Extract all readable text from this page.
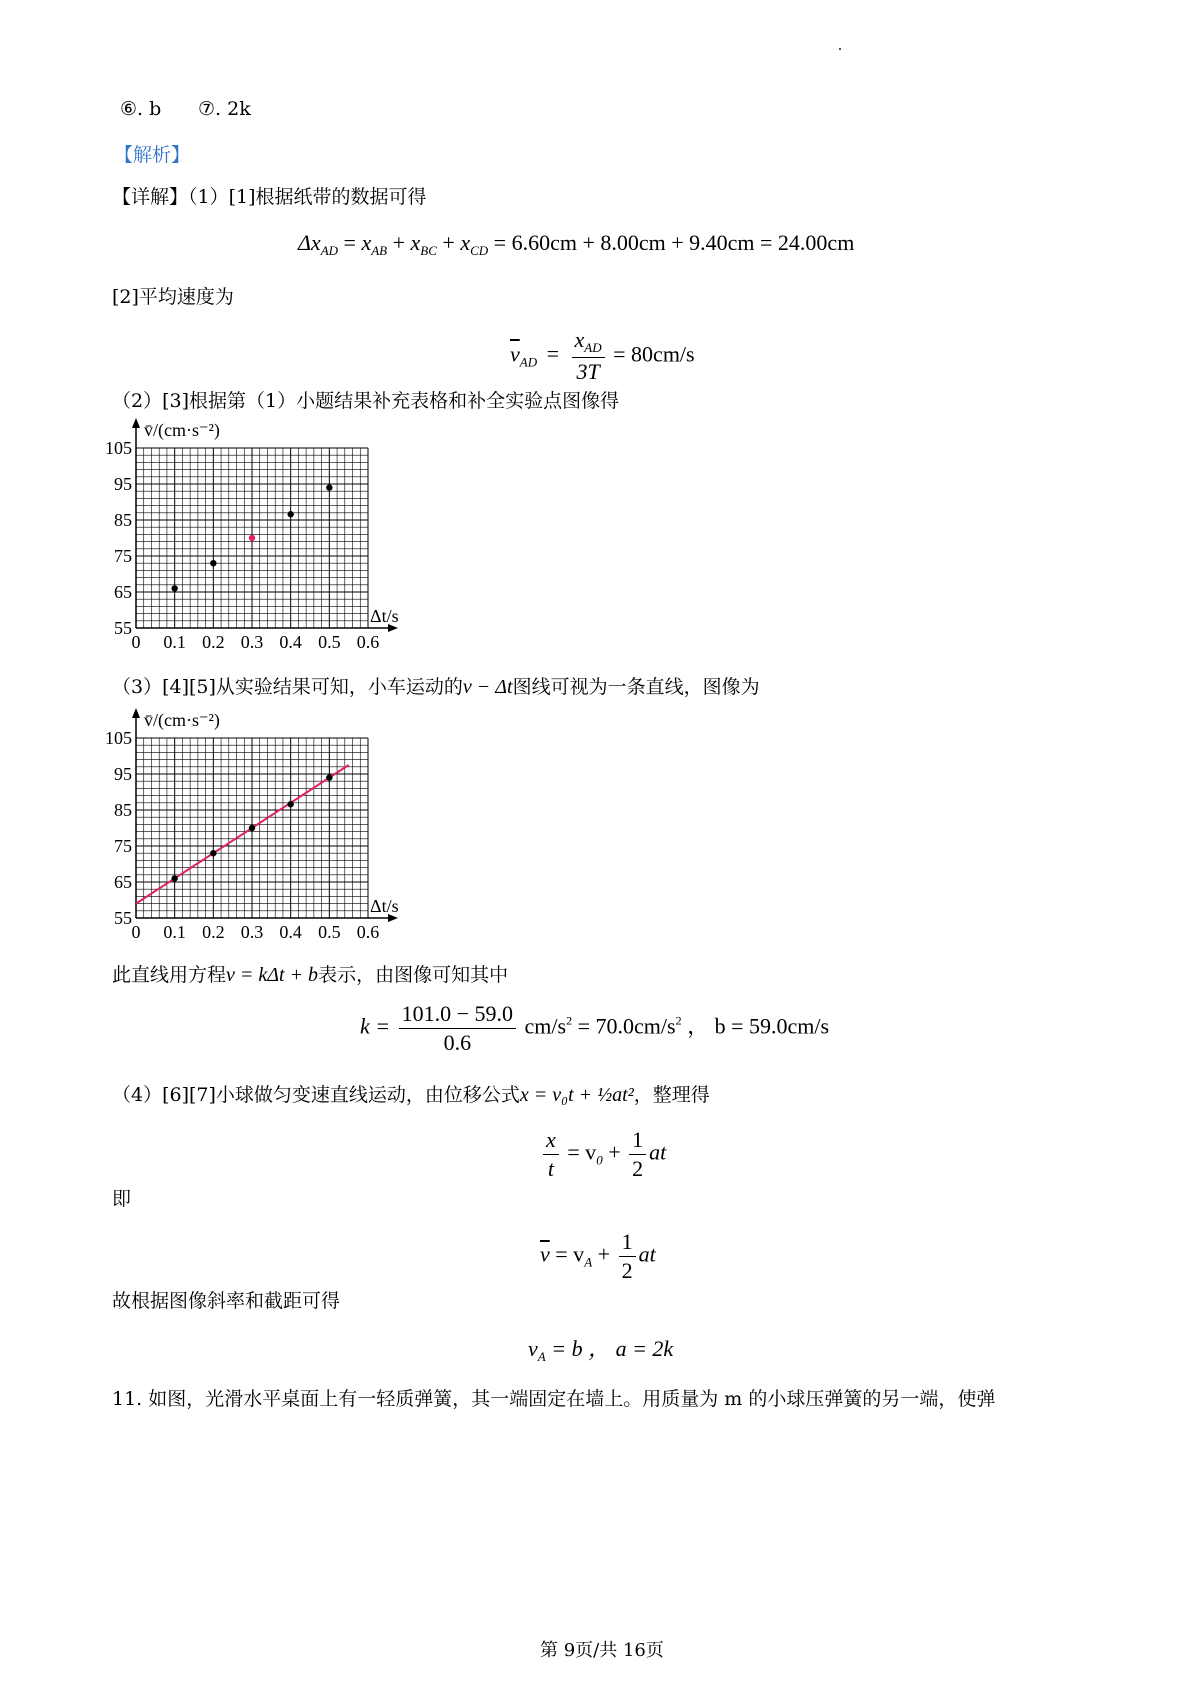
⑥. b ⑦. 2k
【解析】
【详解】（1）[1]根据纸带的数据可得
$\Delta x_{AD} = x_{AB} + x_{BC} + x_{CD} = 6.60cm + 8.00cm + 9.40cm = 24.00cm$
[2]平均速度为
$\overline{v}_{AD} = \frac{x_{AD}}{3T} = 80cm/s$
（2）[3]根据第（1）小题结果补充表格和补全实验点图像得
0 0.1 0.2 0.3 0.4 0.5 0.6
55
65
75
85
95
105
v̄/(cm·s⁻²)
Δt/s
（3）[4][5]从实验结果可知，小车运动的v − Δt图线可视为一条直线，图像为
0 0.1 0.2 0.3 0.4 0.5 0.6
55
65
75
85
95
105
v̄/(cm·s⁻²)
Δt/s
此直线用方程v = kΔt + b表示，由图像可知其中
$k = \frac{101.0 - 59.0}{0.6} cm/s^2 = 70.0cm/s^2$ ， b = 59.0cm/s
（4）[6][7]小球做匀变速直线运动，由位移公式x = v₀t + ½at²，整理得
$\frac{x}{t} = v_0 + \frac{1}{2}$ at
即
$\overline{v} = v_A + \frac{1}{2}$ at
故根据图像斜率和截距可得
$v_A = b$ ， a = 2k
11. 如图，光滑水平桌面上有一轻质弹簧，其一端固定在墙上。用质量为 m 的小球压弹簧的另一端，使弹
第 9页/共 16页
